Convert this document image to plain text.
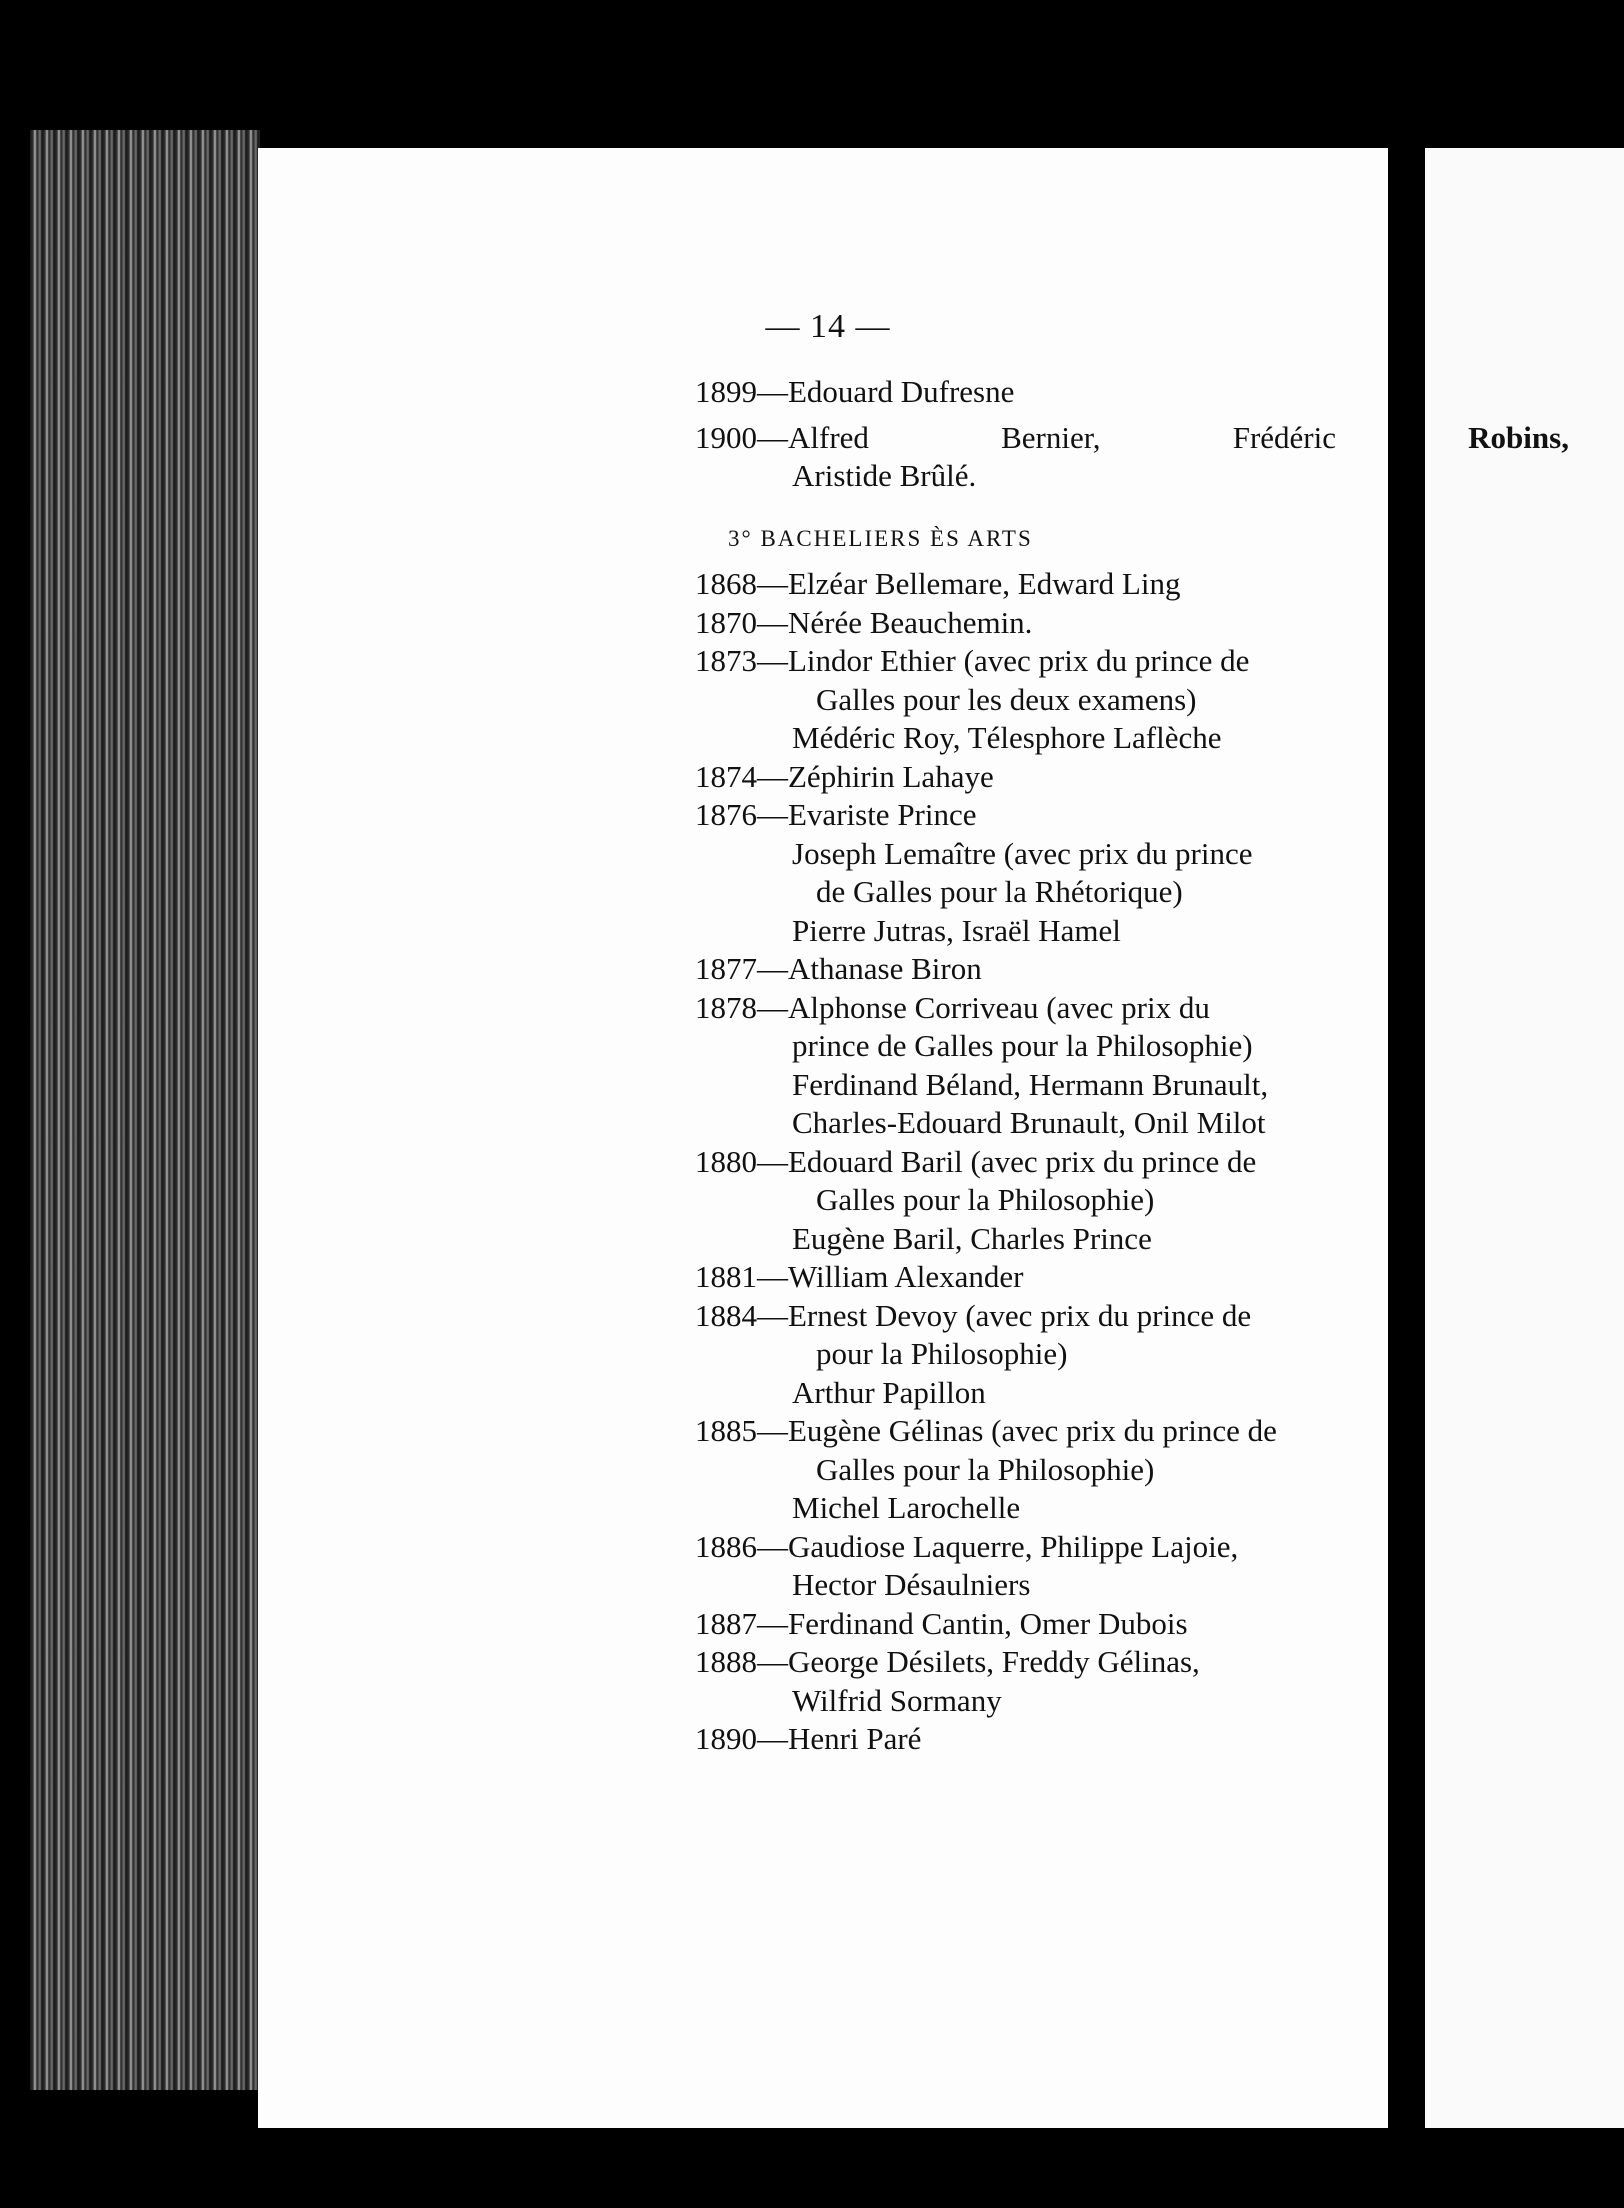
— 14 —
1899—Edouard Dufresne
1900—Alfred	Bernier,	Frédéric	Robins,
Aristide Brûlé.
3° BACHELIERS ÈS ARTS
1868—Elzéar Bellemare, Edward Ling
1870—Nérée Beauchemin.
1873—Lindor Ethier (avec prix du prince de
Galles pour les deux examens)
Médéric Roy, Télesphore Laflèche
1874—Zéphirin Lahaye
1876—Evariste Prince
Joseph Lemaître (avec prix du prince
de Galles pour la Rhétorique)
Pierre Jutras, Israël Hamel
1877—Athanase Biron
1878—Alphonse Corriveau (avec prix du
prince de Galles pour la Philosophie)
Ferdinand Béland, Hermann Brunault,
Charles-Edouard Brunault, Onil Milot
1880—Edouard Baril (avec prix du prince de
Galles pour la Philosophie)
Eugène Baril, Charles Prince
1881—William Alexander
1884—Ernest Devoy (avec prix du prince de
pour la Philosophie)
Arthur Papillon
1885—Eugène Gélinas (avec prix du prince de
Galles pour la Philosophie)
Michel Larochelle
1886—Gaudiose Laquerre, Philippe Lajoie,
Hector Désaulniers
1887—Ferdinand Cantin, Omer Dubois
1888—George Désilets, Freddy Gélinas,
Wilfrid Sormany
1890—Henri Paré
